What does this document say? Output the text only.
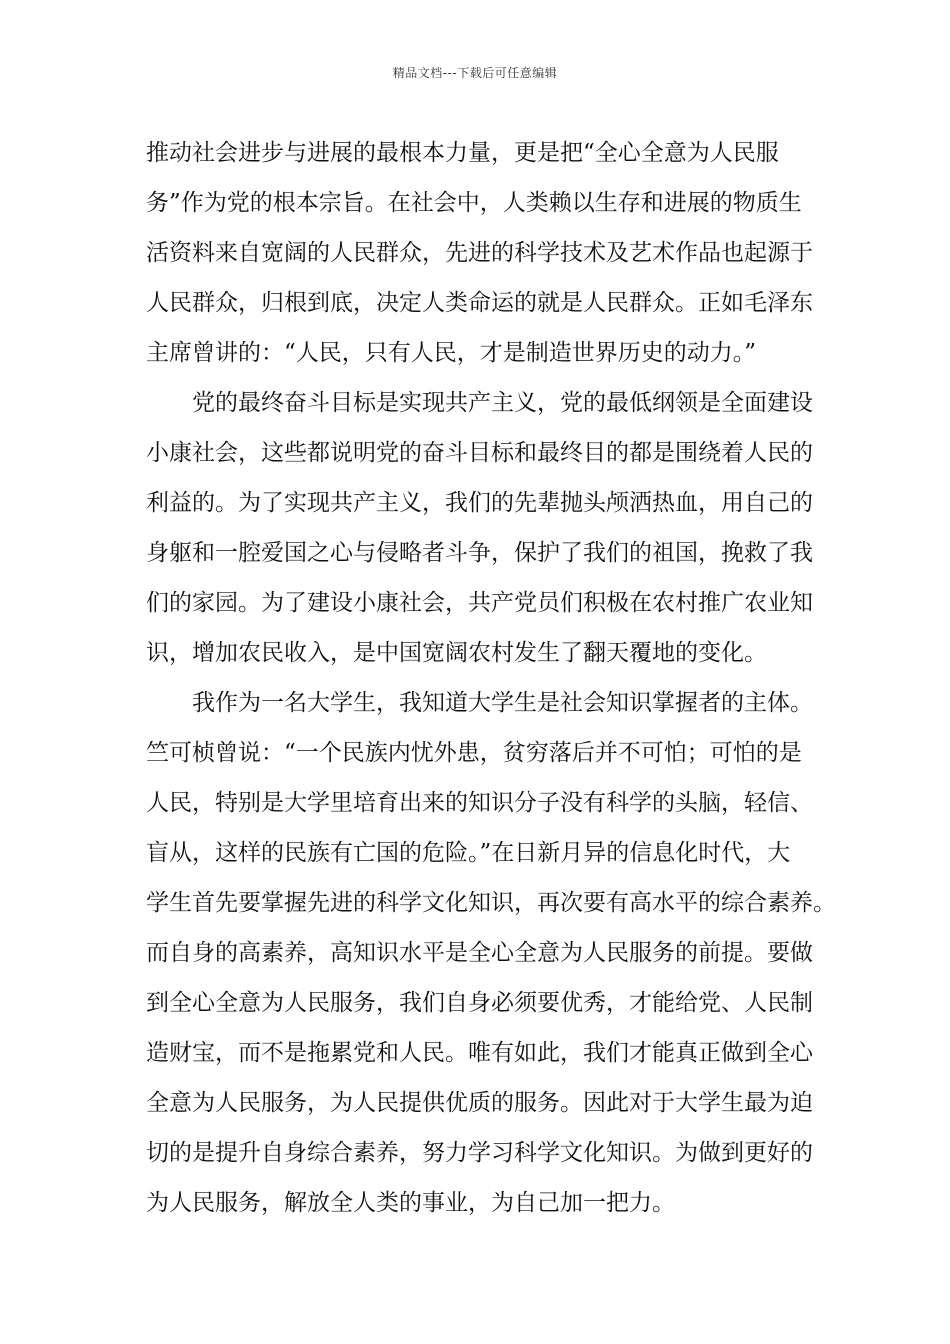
精品文档---下载后可任意编辑
推动社会进步与进展的最根本力量，更是把“全心全意为人民服
务”作为党的根本宗旨。在社会中，人类赖以生存和进展的物质生
活资料来自宽阔的人民群众，先进的科学技术及艺术作品也起源于
人民群众，归根到底，决定人类命运的就是人民群众。正如毛泽东
主席曾讲的：“人民，只有人民，才是制造世界历史的动力。”
党的最终奋斗目标是实现共产主义，党的最低纲领是全面建设
小康社会，这些都说明党的奋斗目标和最终目的都是围绕着人民的
利益的。为了实现共产主义，我们的先辈抛头颅洒热血，用自己的
身躯和一腔爱国之心与侵略者斗争，保护了我们的祖国，挽救了我
们的家园。为了建设小康社会，共产党员们积极在农村推广农业知
识，增加农民收入，是中国宽阔农村发生了翻天覆地的变化。
我作为一名大学生，我知道大学生是社会知识掌握者的主体。
竺可桢曾说：“一个民族内忧外患，贫穷落后并不可怕；可怕的是
人民，特别是大学里培育出来的知识分子没有科学的头脑，轻信、
盲从，这样的民族有亡国的危险。”在日新月异的信息化时代，大
学生首先要掌握先进的科学文化知识，再次要有高水平的综合素养。
而自身的高素养，高知识水平是全心全意为人民服务的前提。要做
到全心全意为人民服务，我们自身必须要优秀，才能给党、人民制
造财宝，而不是拖累党和人民。唯有如此，我们才能真正做到全心
全意为人民服务，为人民提供优质的服务。因此对于大学生最为迫
切的是提升自身综合素养，努力学习科学文化知识。为做到更好的
为人民服务，解放全人类的事业，为自己加一把力。
